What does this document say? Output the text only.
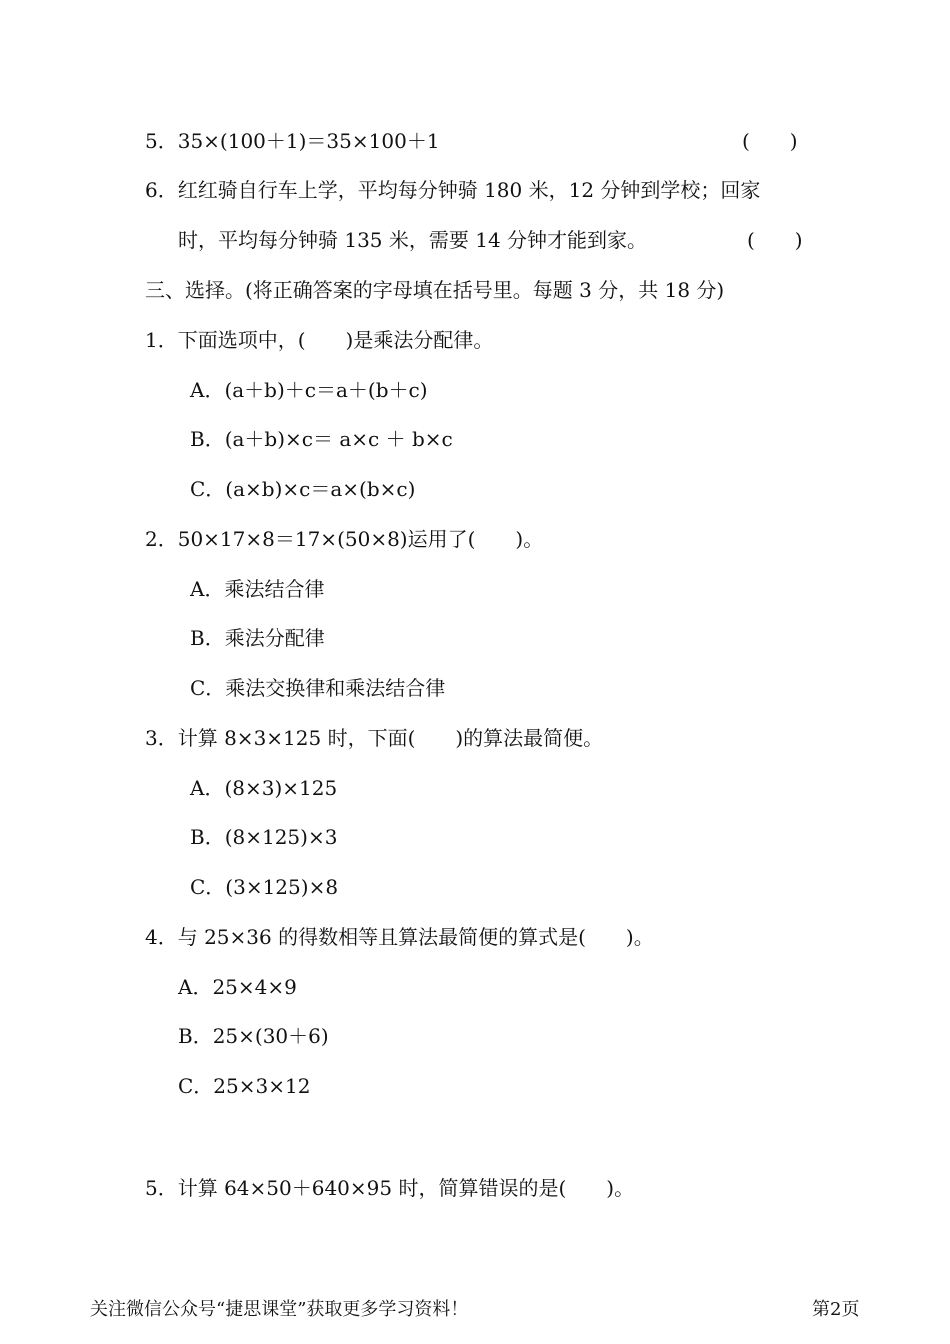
5．35×(100＋1)＝35×100＋1	(　　)
6．红红骑自行车上学，平均每分钟骑 180 米，12 分钟到学校；回家
时，平均每分钟骑 135 米，需要 14 分钟才能到家。	(　　)
三、选择。(将正确答案的字母填在括号里。每题 3 分，共 18 分)
1．下面选项中，(　　)是乘法分配律。
A．(a＋b)＋c＝a＋(b＋c)
B．(a＋b)×c＝ a×c ＋ b×c
C．(a×b)×c＝a×(b×c)
2．50×17×8＝17×(50×8)运用了(　　)。
A．乘法结合律
B．乘法分配律
C．乘法交换律和乘法结合律
3．计算 8×3×125 时，下面(　　)的算法最简便。
A．(8×3)×125
B．(8×125)×3
C．(3×125)×8
4．与 25×36 的得数相等且算法最简便的算式是(　　)。
A．25×4×9
B．25×(30＋6)
C．25×3×12
5．计算 64×50＋640×95 时，简算错误的是(　　)。
关注微信公众号“捷思课堂”获取更多学习资料！	第2页
